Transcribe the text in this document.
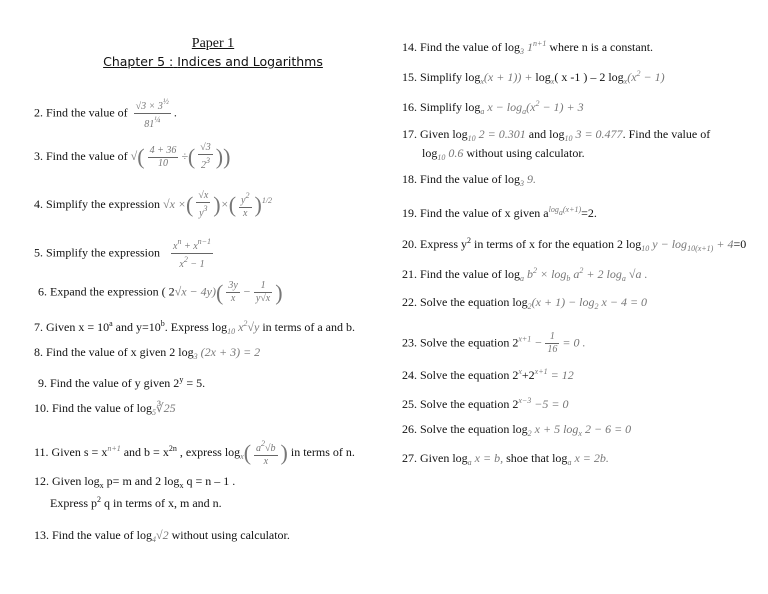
Paper 1
Chapter 5 : Indices and Logarithms
2. Find the value of $\frac{√3 \times 3^{\frac{1}{2}}}{81^{\frac{1}{4}}}$ .
3. Find the value of √( $\frac{4 + 36}{10}$ ÷( $\frac{√3}{2^3}$ ))
4. Simplify the expression √x ×( $\frac{√x}{y^3}$ )×( $\frac{y^2}{x} )^{1/2}$
5. Simplify the expression $\frac{x^n + x^{n-1}}{x^2 - 1}$
6. Expand the expression ( $2√x - 4y)( \frac{3y}{x} - \frac{1}{y√x}$ )
7. Given $x = 10^a$ and $y=10^b$. Express $\log_{10} x^2√y$ in terms of a and b.
8. Find the value of x given 2 $\log_3 (2x + 3) = 2$
9. Find the value of y given $2^y = 5$.
10. Find the value of $\log_5∛25$
11. Given $s = x^{n+1}$ and $b = x^{2n}$ , express $\log_x( \frac{a^2√b}{x}$ ) in terms of n.
12. Given $\log_x p= m$ and 2 $\log_x q = n - 1$ .
Express $p^2$ q in terms of x, m and n.
13. Find the value of $\log_4√2$ without using calculator.
14. Find the value of $\log_3 1^{n+1}$ where n is a constant.
15. Simplify $\log_x(x + 1)) + \log_x$( x -1 ) – 2 $\log_x(x^2 - 1)$
16. Simplify $\log_a x - \log_a(x^2 - 1) + 3$
17. Given $\log_{10} 2 = 0.301$ and $\log_{10} 3 = 0.477$. Find the value of
$\log_{10} 0.6$ without using calculator.
18. Find the value of $\log_3 9$.
19. Find the value of x given $a^{loga(x+1)}=2$.
20. Express $y^2$ in terms of x for the equation 2 $\log_{10} y - \log_{10(x+1)} + 4=0$
21. Find the value of $\log_a b^2 \times \log_b a^2 + 2$ $\log_a √a$ .
22. Solve the equation $\log_2(x + 1) - \log_2 x - 4 = 0$
23. Solve the equation $2^{x+1} - \frac{1}{16} = 0$ .
24. Solve the equation $2^x+2^{x+1} = 12$
25. Solve the equation $2^{x-3} -5 = 0$
26. Solve the equation $\log_2 x + 5$ $\log_x 2 - 6 = 0$
27. Given $\log_a x = b$, shoe that $\log_a x = 2b$.
